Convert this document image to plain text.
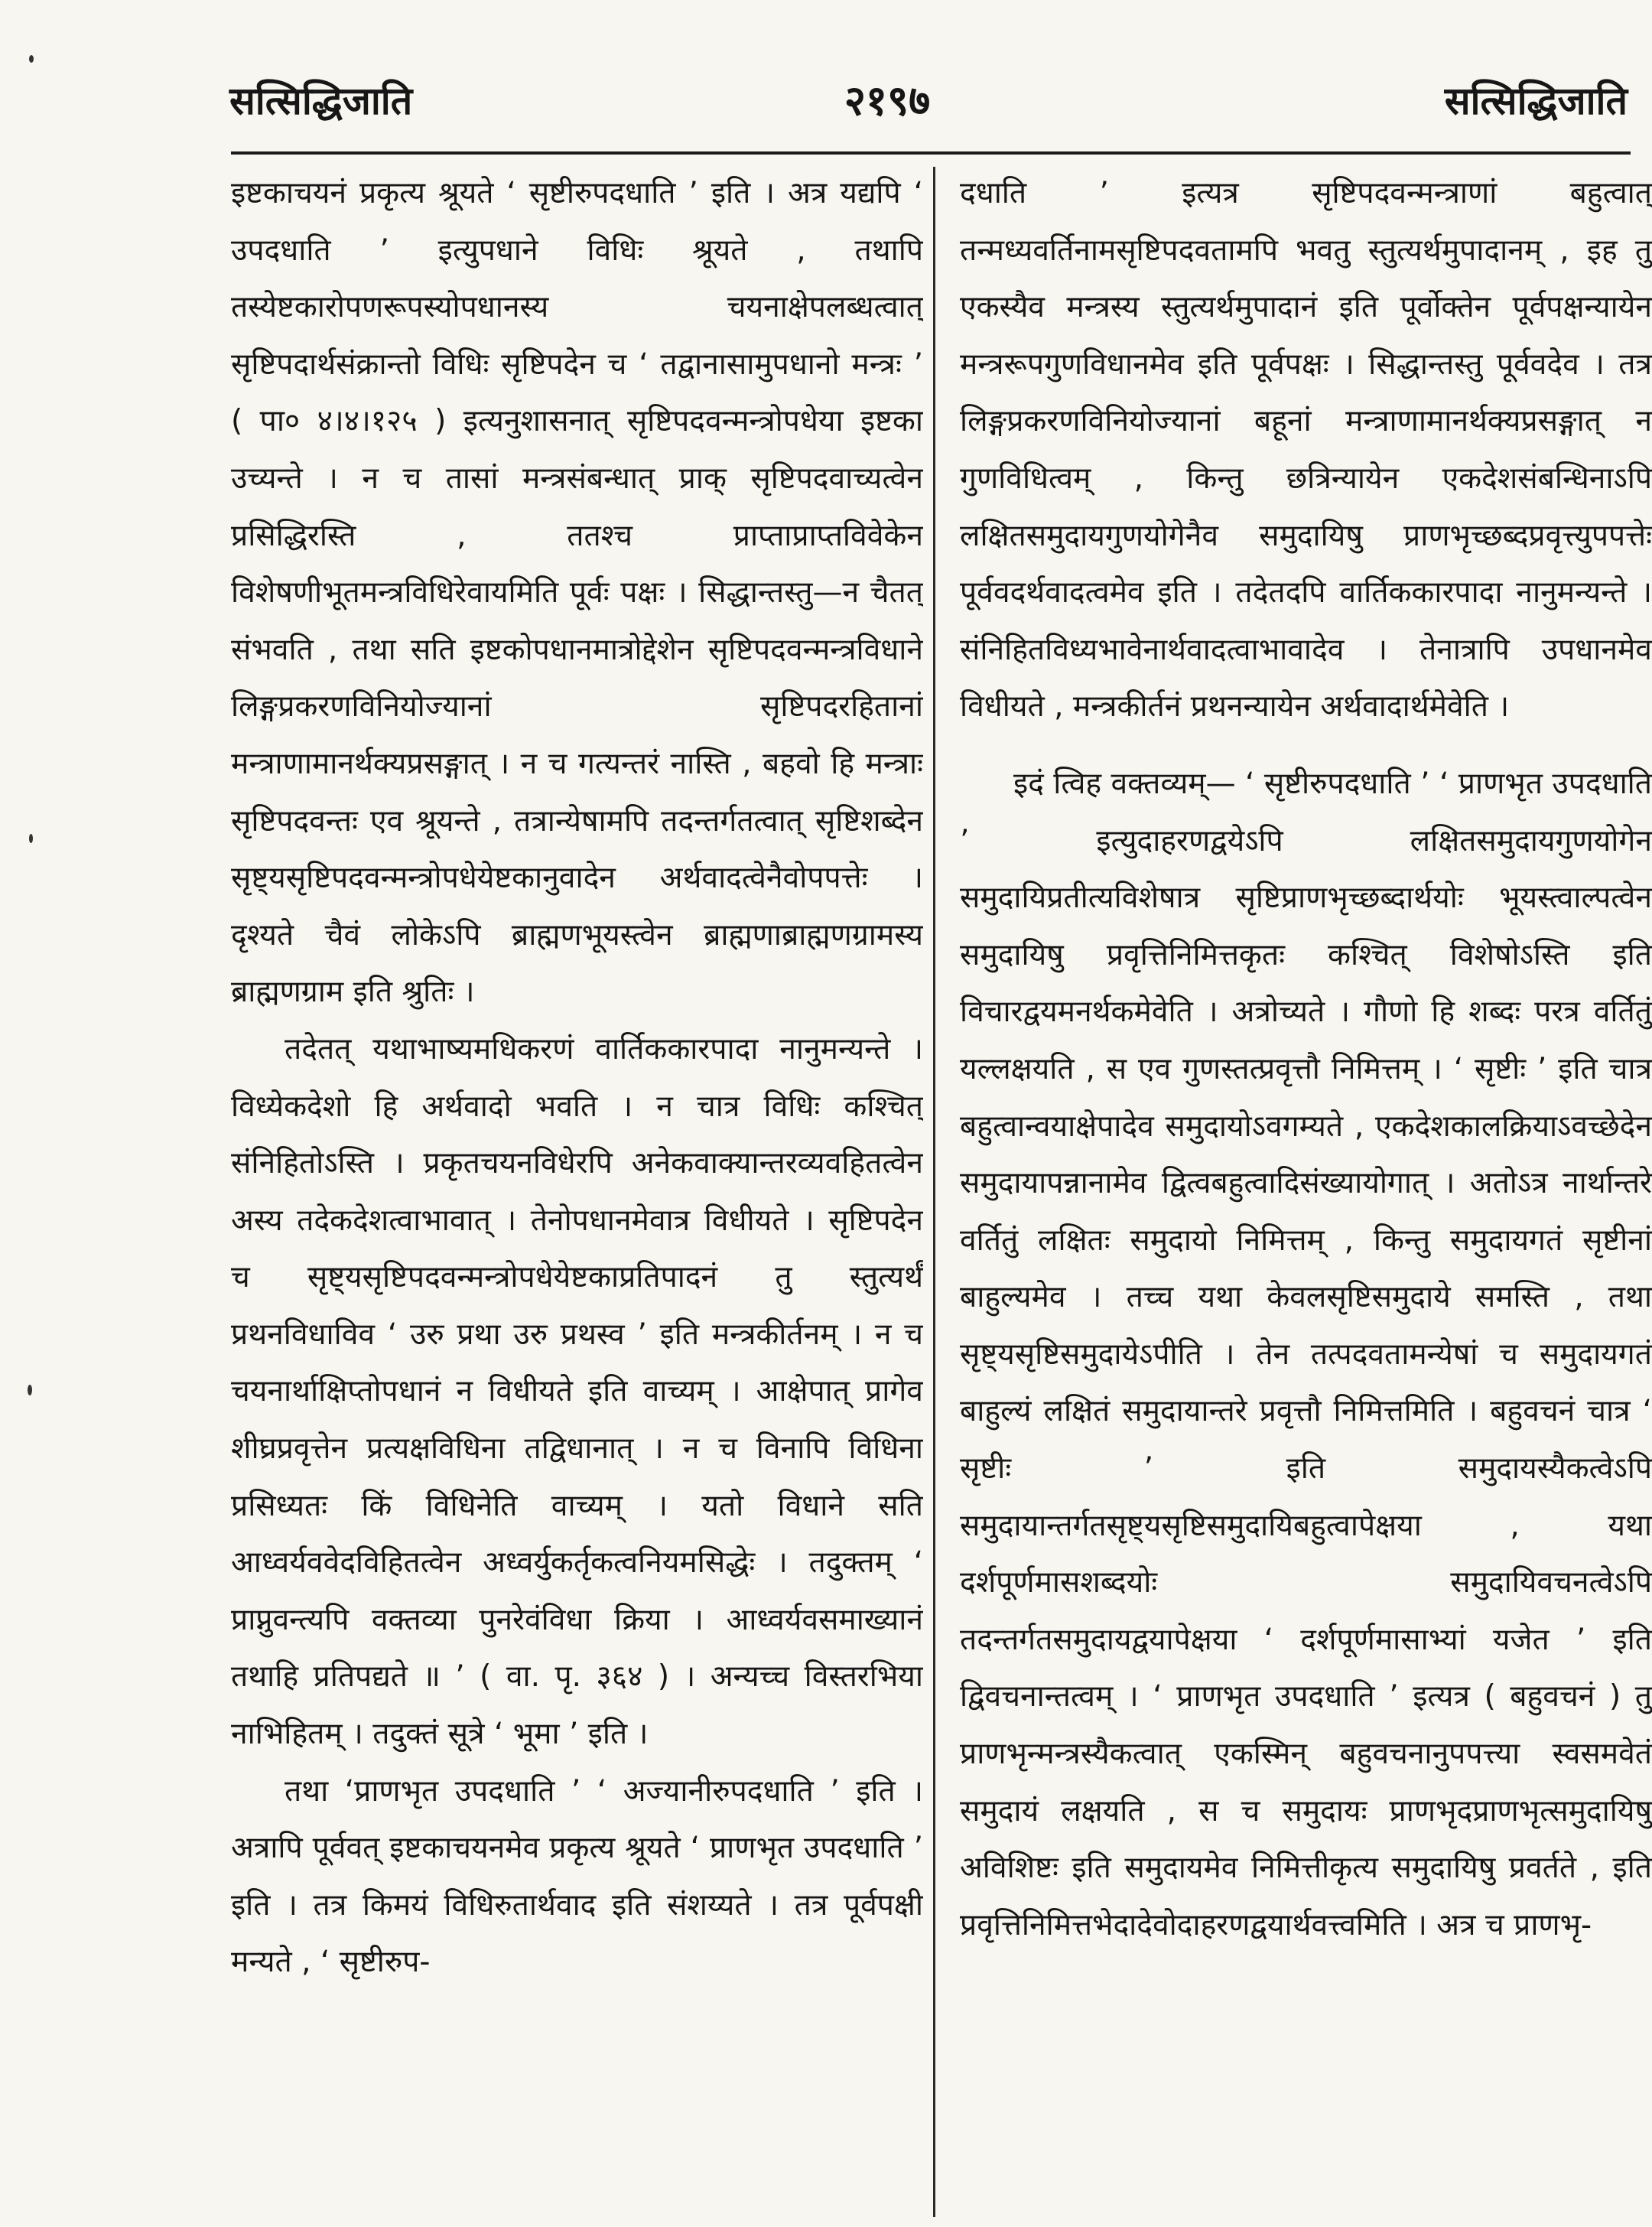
सत्सिद्धिजाति	२१९७	सत्सिद्धिजाति

इष्टकाचयनं प्रकृत्य श्रूयते ‘ सृष्टीरुपदधाति ’ इति । अत्र यद्यपि ‘ उपदधाति ’ इत्युपधाने विधिः श्रूयते , तथापि तस्येष्टकारोपणरूपस्योपधानस्य चयनाक्षेपलब्धत्वात् सृष्टिपदार्थसंक्रान्तो विधिः सृष्टिपदेन च ‘ तद्वानासामुपधानो मन्त्रः ’ ( पा० ४।४।१२५ ) इत्यनुशासनात् सृष्टिपदवन्मन्त्रोपधेया इष्टका उच्यन्ते । न च तासां मन्त्रसंबन्धात् प्राक् सृष्टिपदवाच्यत्वेन प्रसिद्धिरस्ति , ततश्च प्राप्ताप्राप्तविवेकेन विशेषणीभूतमन्त्रविधिरेवायमिति पूर्वः पक्षः । सिद्धान्तस्तु—न चैतत् संभवति , तथा सति इष्टकोपधानमात्रोद्देशेन सृष्टिपदवन्मन्त्रविधाने लिङ्गप्रकरणविनियोज्यानां सृष्टिपदरहितानां मन्त्राणामानर्थक्यप्रसङ्गात् । न च गत्यन्तरं नास्ति , बहवो हि मन्त्राः सृष्टिपदवन्तः एव श्रूयन्ते , तत्रान्येषामपि तदन्तर्गतत्वात् सृष्टिशब्देन सृष्ट्यसृष्टिपदवन्मन्त्रोपधेयेष्टकानुवादेन अर्थवादत्वेनैवोपपत्तेः । दृश्यते चैवं लोकेऽपि ब्राह्मणभूयस्त्वेन ब्राह्मणाब्राह्मणग्रामस्य ब्राह्मणग्राम इति श्रुतिः ।

तदेतत् यथाभाष्यमधिकरणं वार्तिककारपादा नानुमन्यन्ते । विध्येकदेशो हि अर्थवादो भवति । न चात्र विधिः कश्चित् संनिहितोऽस्ति । प्रकृतचयनविधेरपि अनेकवाक्यान्तरव्यवहितत्वेन अस्य तदेकदेशत्वाभावात् । तेनोपधानमेवात्र विधीयते । सृष्टिपदेन च सृष्ट्यसृष्टिपदवन्मन्त्रोपधेयेष्टकाप्रतिपादनं तु स्तुत्यर्थं प्रथनविधाविव ‘ उरु प्रथा उरु प्रथस्व ’ इति मन्त्रकीर्तनम् । न च चयनार्थाक्षिप्तोपधानं न विधीयते इति वाच्यम् । आक्षेपात् प्रागेव शीघ्रप्रवृत्तेन प्रत्यक्षविधिना तद्विधानात् । न च विनापि विधिना प्रसिध्यतः किं विधिनेति वाच्यम् । यतो विधाने सति आध्वर्यववेदविहितत्वेन अध्वर्युकर्तृकत्वनियमसिद्धेः । तदुक्तम् ‘ प्राप्नुवन्त्यपि वक्तव्या पुनरेवंविधा क्रिया । आध्वर्यवसमाख्यानं तथाहि प्रतिपद्यते ॥ ’ ( वा. पृ. ३६४ ) । अन्यच्च विस्तरभिया नाभिहितम् । तदुक्तं सूत्रे ‘ भूमा ’ इति ।

तथा ‘प्राणभृत उपदधाति ’ ‘ अज्यानीरुपदधाति ’ इति । अत्रापि पूर्ववत् इष्टकाचयनमेव प्रकृत्य श्रूयते ‘ प्राणभृत उपदधाति ’ इति । तत्र किमयं विधिरुतार्थवाद इति संशय्यते । तत्र पूर्वपक्षी मन्यते , ‘ सृष्टीरुप-

दधाति ’ इत्यत्र सृष्टिपदवन्मन्त्राणां बहुत्वात् तन्मध्यवर्तिनामसृष्टिपदवतामपि भवतु स्तुत्यर्थमुपादानम् , इह तु एकस्यैव मन्त्रस्य स्तुत्यर्थमुपादानं इति पूर्वोक्तेन पूर्वपक्षन्यायेन मन्त्ररूपगुणविधानमेव इति पूर्वपक्षः । सिद्धान्तस्तु पूर्ववदेव । तत्र लिङ्गप्रकरणविनियोज्यानां बहूनां मन्त्राणामानर्थक्यप्रसङ्गात् न गुणविधित्वम् , किन्तु छत्रिन्यायेन एकदेशसंबन्धिनाऽपि लक्षितसमुदायगुणयोगेनैव समुदायिषु प्राणभृच्छब्दप्रवृत्त्युपपत्तेः पूर्ववदर्थवादत्वमेव इति । तदेतदपि वार्तिककारपादा नानुमन्यन्ते । संनिहितविध्यभावेनार्थवादत्वाभावादेव । तेनात्रापि उपधानमेव विधीयते , मन्त्रकीर्तनं प्रथनन्यायेन अर्थवादार्थमेवेति ।

इदं त्विह वक्तव्यम्— ‘ सृष्टीरुपदधाति ’ ‘ प्राणभृत उपदधाति ’ इत्युदाहरणद्वयेऽपि लक्षितसमुदायगुणयोगेन समुदायिप्रतीत्यविशेषात्र सृष्टिप्राणभृच्छब्दार्थयोः भूयस्त्वाल्पत्वेन समुदायिषु प्रवृत्तिनिमित्तकृतः कश्चित् विशेषोऽस्ति इति विचारद्वयमनर्थकमेवेति । अत्रोच्यते । गौणो हि शब्दः परत्र वर्तितुं यल्लक्षयति , स एव गुणस्तत्प्रवृत्तौ निमित्तम् । ‘ सृष्टीः ’ इति चात्र बहुत्वान्वयाक्षेपादेव समुदायोऽवगम्यते , एकदेशकालक्रियाऽवच्छेदेन समुदायापन्नानामेव द्वित्वबहुत्वादिसंख्यायोगात् । अतोऽत्र नार्थान्तरे वर्तितुं लक्षितः समुदायो निमित्तम् , किन्तु समुदायगतं सृष्टीनां बाहुल्यमेव । तच्च यथा केवलसृष्टिसमुदाये समस्ति , तथा सृष्ट्यसृष्टिसमुदायेऽपीति । तेन तत्पदवतामन्येषां च समुदायगतं बाहुल्यं लक्षितं समुदायान्तरे प्रवृत्तौ निमित्तमिति । बहुवचनं चात्र ‘ सृष्टीः ’ इति समुदायस्यैकत्वेऽपि समुदायान्तर्गतसृष्ट्यसृष्टिसमुदायिबहुत्वापेक्षया , यथा दर्शपूर्णमासशब्दयोः समुदायिवचनत्वेऽपि तदन्तर्गतसमुदायद्वयापेक्षया ‘ दर्शपूर्णमासाभ्यां यजेत ’ इति द्विवचनान्तत्वम् । ‘ प्राणभृत उपदधाति ’ इत्यत्र ( बहुवचनं ) तु प्राणभृन्मन्त्रस्यैकत्वात् एकस्मिन् बहुवचनानुपपत्त्या स्वसमवेतं समुदायं लक्षयति , स च समुदायः प्राणभृदप्राणभृत्समुदायिषु अविशिष्टः इति समुदायमेव निमित्तीकृत्य समुदायिषु प्रवर्तते , इति प्रवृत्तिनिमित्तभेदादेवोदाहरणद्वयार्थवत्त्वमिति । अत्र च प्राणभृ-
